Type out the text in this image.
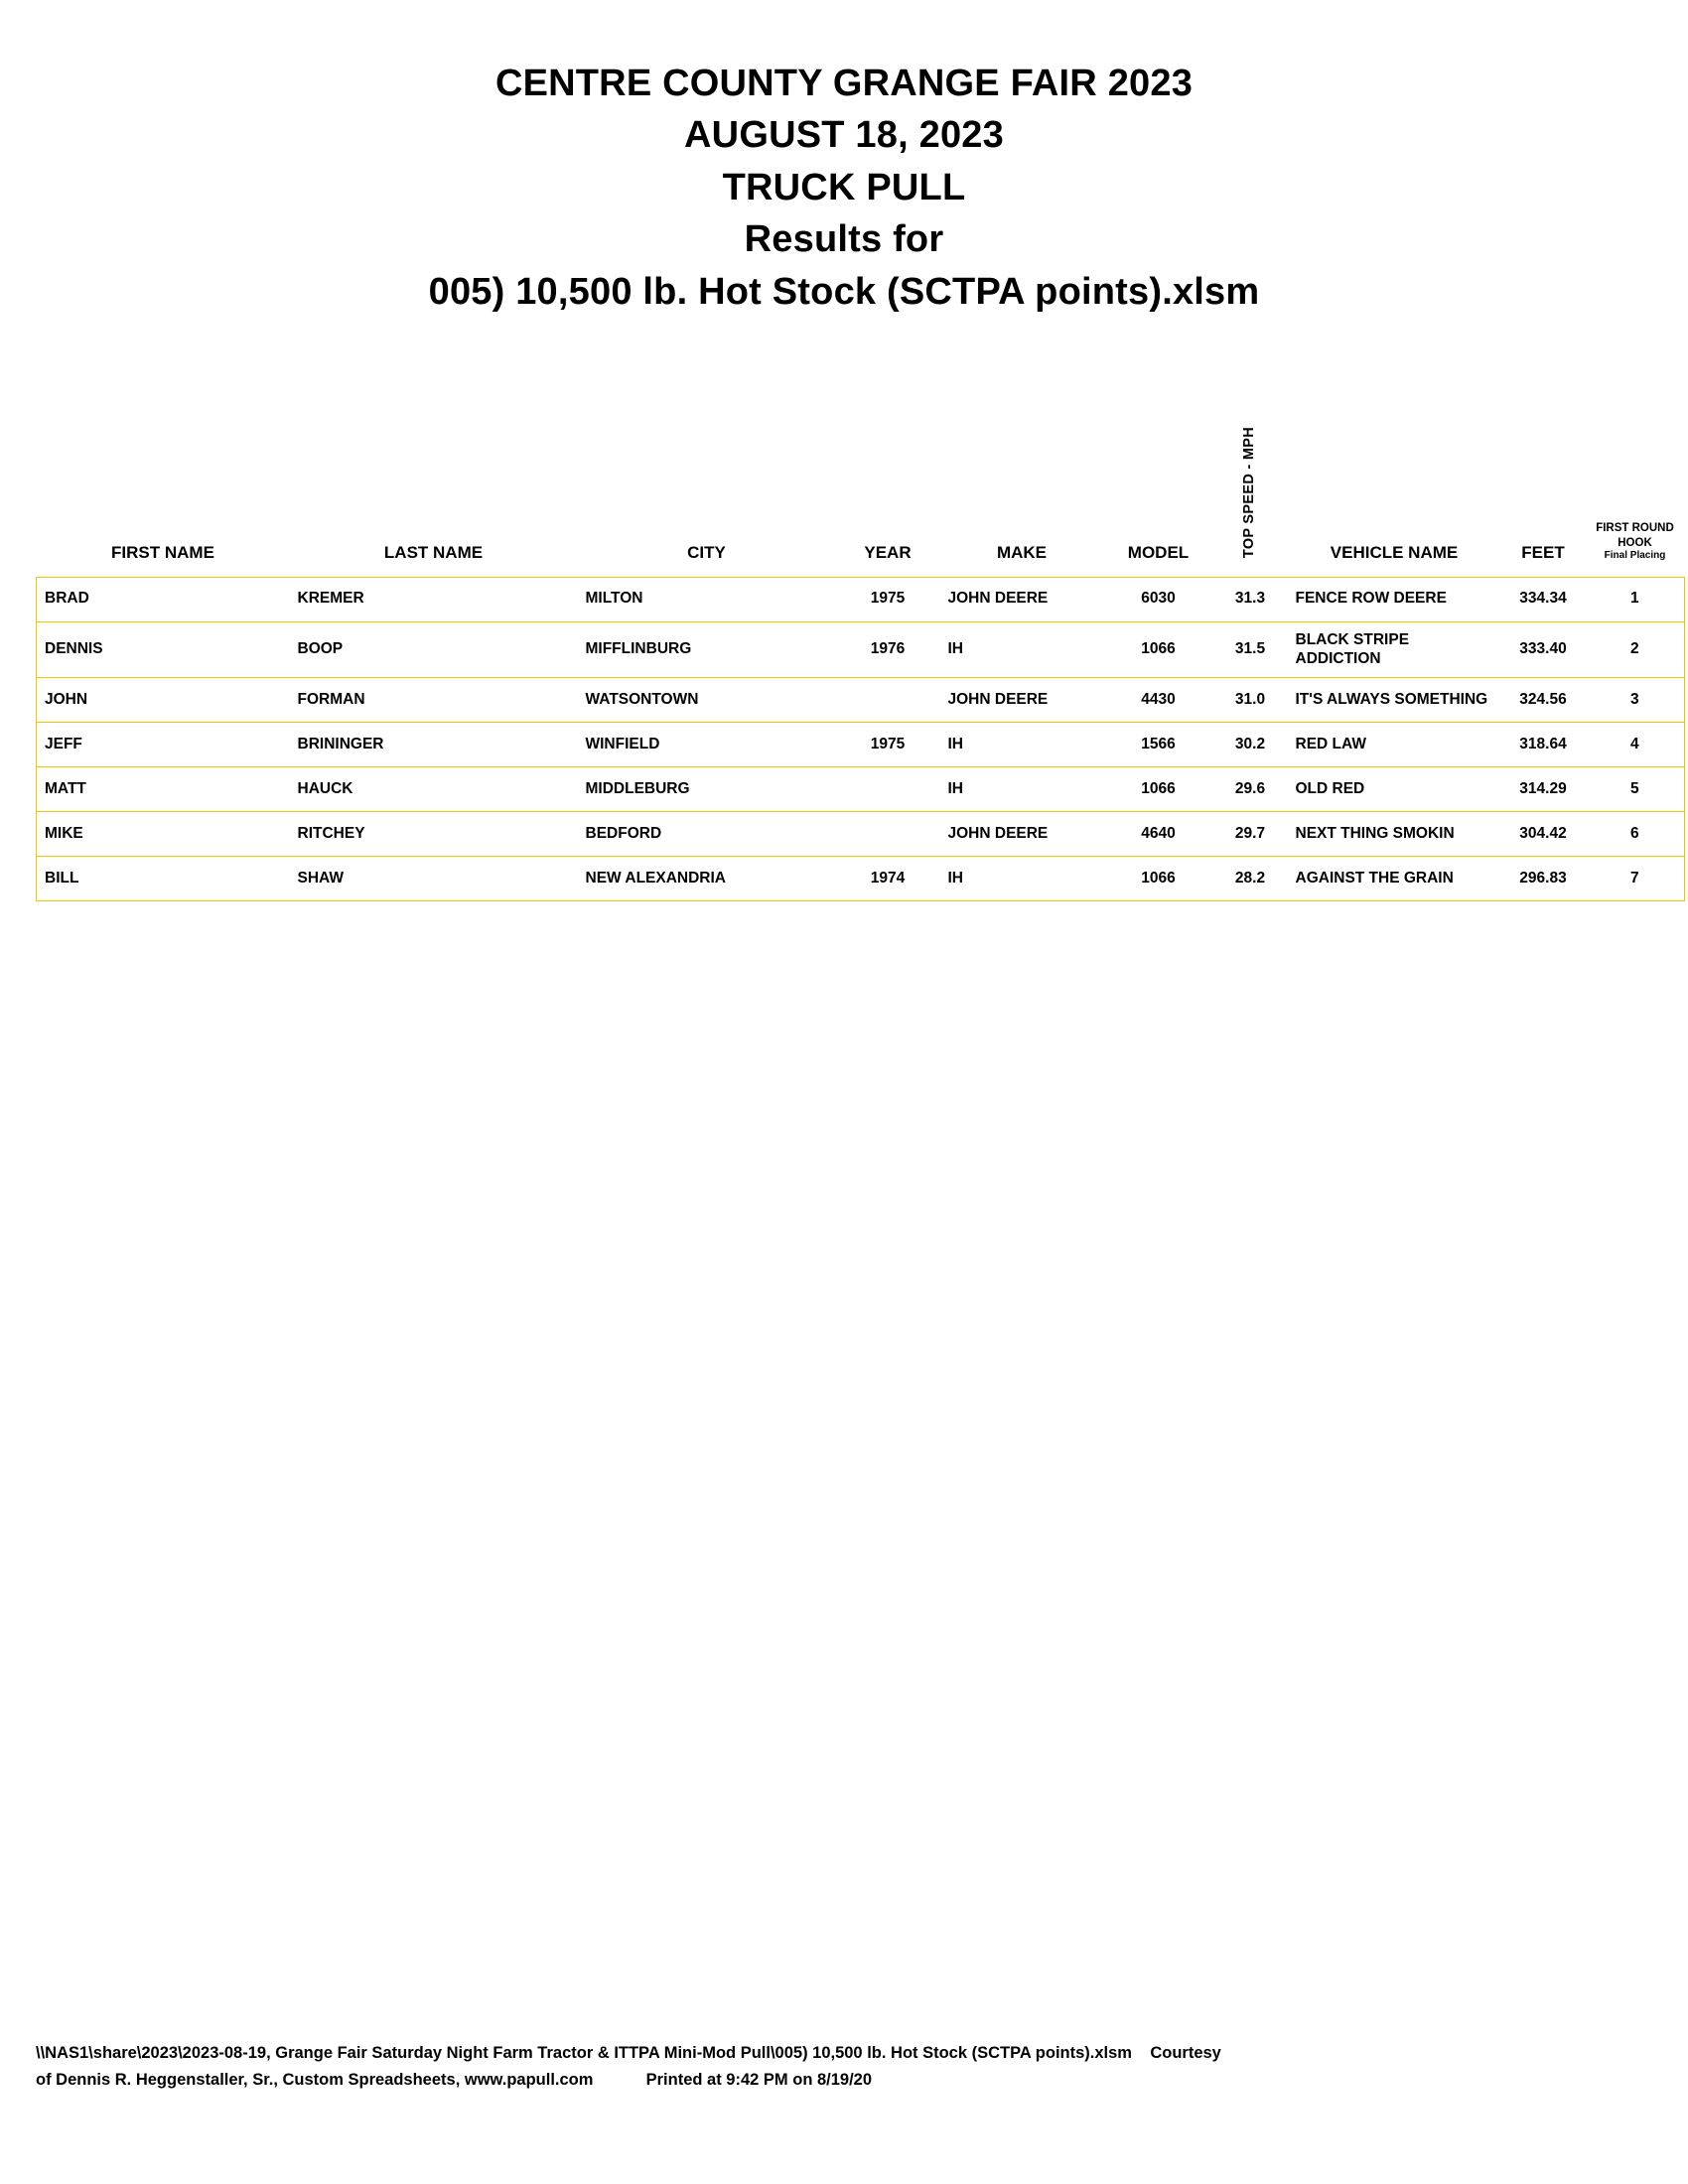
CENTRE COUNTY GRANGE FAIR 2023
AUGUST 18, 2023
TRUCK PULL
Results for
005) 10,500 lb. Hot Stock (SCTPA points).xlsm
FIRST NAME	LAST NAME	CITY	YEAR	MAKE	MODEL	TOP SPEED - MPH	VEHICLE NAME	FEET	FIRST ROUND
HOOK
Final Placing

BRAD	KREMER	MILTON	1975	JOHN DEERE	6030	31.3	FENCE ROW DEERE	334.34	1
DENNIS	BOOP	MIFFLINBURG	1976	IH	1066	31.5	BLACK STRIPE ADDICTION	333.40	2
JOHN	FORMAN	WATSONTOWN		JOHN DEERE	4430	31.0	IT'S ALWAYS SOMETHING	324.56	3
JEFF	BRININGER	WINFIELD	1975	IH	1566	30.2	RED LAW	318.64	4
MATT	HAUCK	MIDDLEBURG		IH	1066	29.6	OLD RED	314.29	5
MIKE	RITCHEY	BEDFORD		JOHN DEERE	4640	29.7	NEXT THING SMOKIN	304.42	6
BILL	SHAW	NEW ALEXANDRIA	1974	IH	1066	28.2	AGAINST THE GRAIN	296.83	7
\\NAS1\share\2023\2023-08-19, Grange Fair Saturday Night Farm Tractor & ITTPA Mini-Mod Pull\005) 10,500 lb. Hot Stock (SCTPA points).xlsm Courtesy
of Dennis R. Heggenstaller, Sr., Custom Spreadsheets, www.papull.com	Printed at 9:42 PM on 8/19/20
